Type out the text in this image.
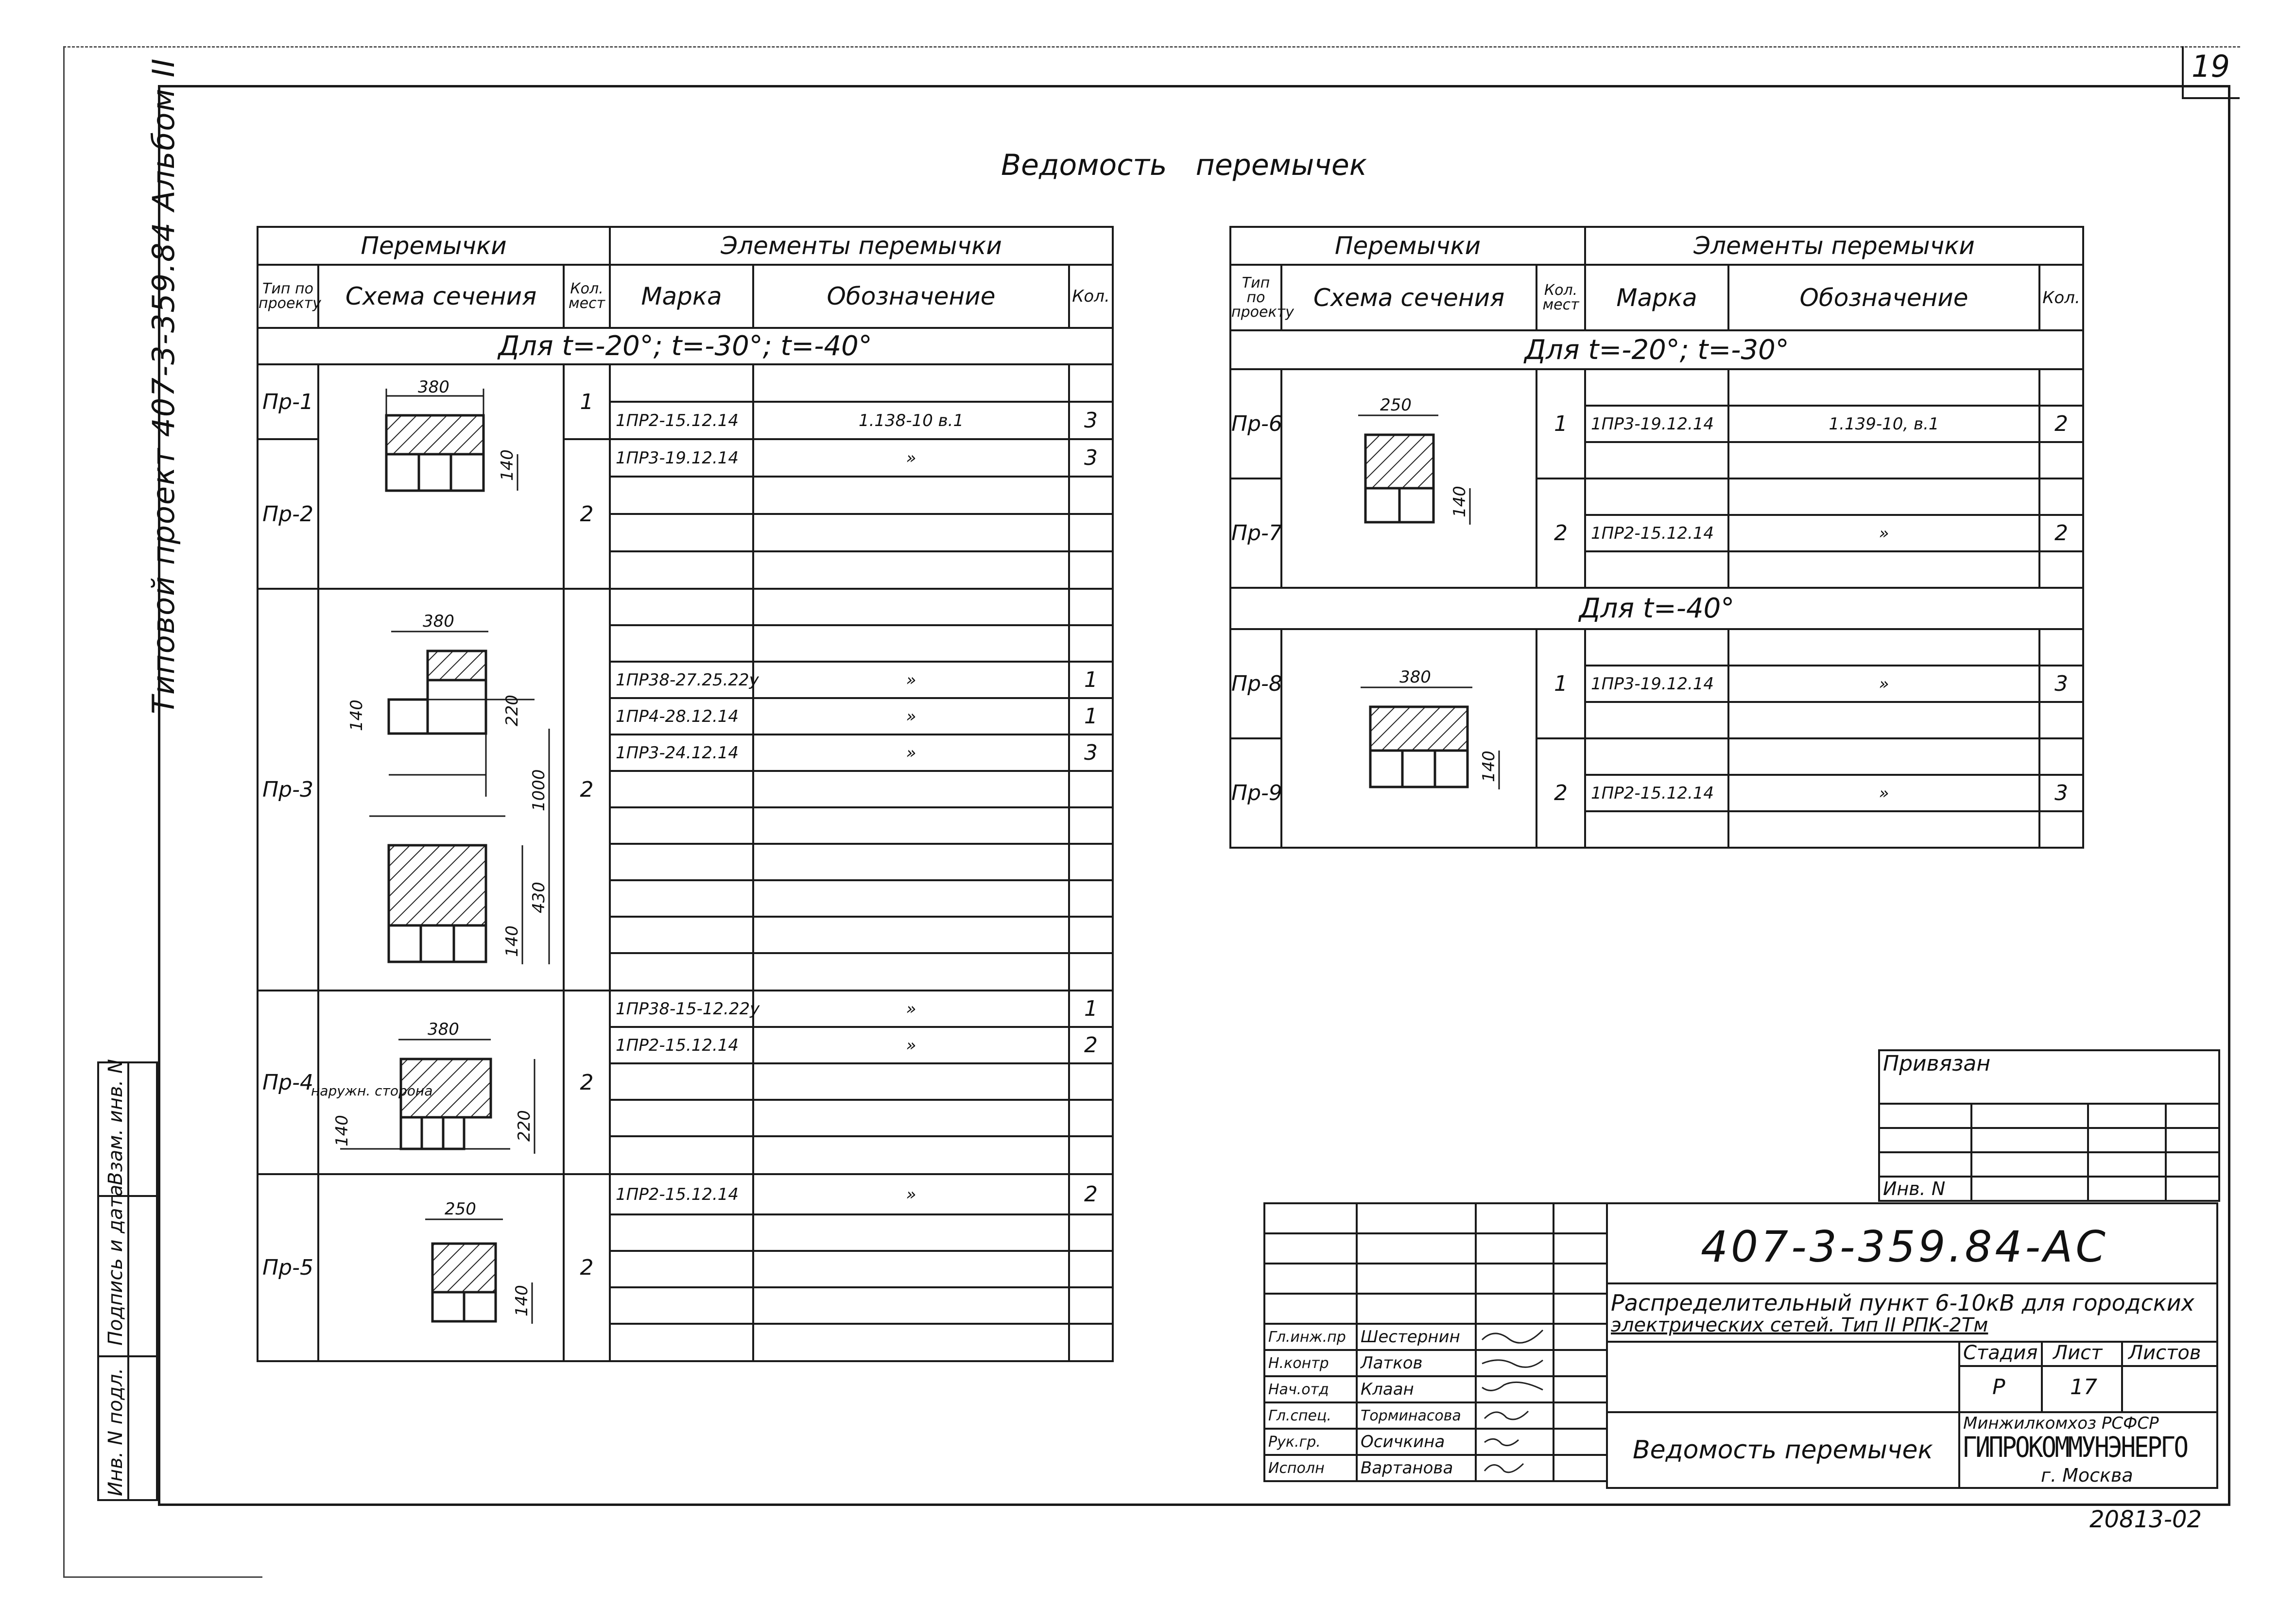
19
Типовой проект 407-3-359.84 Альбом II
Взам. инв. N
Подпись и дата
Инв. N подл.
Ведомость перемычек
Перемычки			Элементы перемычки		
Тип по проекту	Схема сечения	Кол. мест	Марка	Обозначение	Кол.
Для t=-20°; t=-30°; t=-40°					
Пр-1		1			
			1ПР2-15.12.14	1.138-10 в.1	3
Пр-2		2	1ПР3-19.12.14	»	3

Пр-3		2			

			1ПР38-27.25.22у	»	1
			1ПР4-28.12.14	»	1
			1ПР3-24.12.14	»	3

Пр-4		2	1ПР38-15-12.22у	»	1
			1ПР2-15.12.14	»	2

Пр-5		2	1ПР2-15.12.14	»	2

380
140
380
140	220
1000
430
140
380
наружн. сторона
140	220
250
140
250
140
380
140
Перемычки			Элементы перемычки		
Тип по проекту	Схема сечения	Кол. мест	Марка	Обозначение	Кол.
Для t=-20°; t=-30°					
Пр-6		1			
			1ПР3-19.12.14	1.139-10, в.1	2

Пр-7		2			
			1ПР2-15.12.14	»	2

Для t=-40°					
Пр-8		1			
			1ПР3-19.12.14	»	3

Пр-9		2			
			1ПР2-15.12.14	»	3

Привязан			

Инв. N			

Гл.инж.пр	Шестернин		
Н.контр	Латков		
Нач.отд	Клаан		
Гл.спец.	Торминасова		
Рук.гр.	Осичкина		
Исполн	Вартанова		
407-3-359.84-АС
Распределительный пункт 6-10кВ для городских
электрических сетей. Тип II РПК-2Тм
Ведомость перемычек
Стадия Лист Листов
Р	17
Минжилкомхоз РСФСР
ГИПРОКОММУНЭНЕРГО
г. Москва
20813-02
